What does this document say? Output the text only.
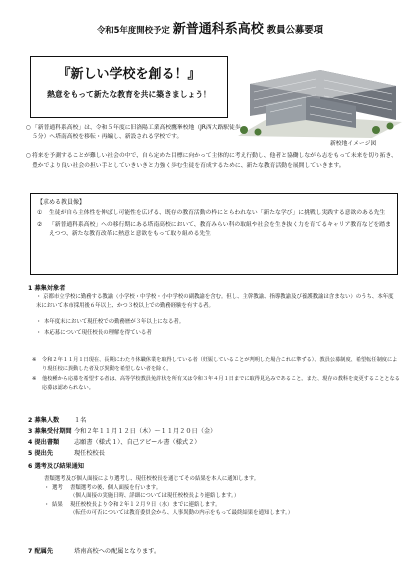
令和5年度開校予定 新普通科系高校 教員公募要項
『新しい学校を創る！』
熱意をもって新たな教育を共に築きましょう！
新校地イメージ図
○ 「新普通科系高校」は、令和５年度に旧洛陽工業高校鷹峯校地（JR西大路駅徒歩５分）へ塔南高校を移転・再編し、新設される学校です。
○ 将来を予測することが難しい社会の中で、自ら定めた目標に向かって主体的に考え行動し、他者と協働しながら志をもって未来を切り拓き、豊かでより良い社会の担い手としていきいきと力強く歩む生徒を育成するために、新たな教育活動を展開していきます。
【求める教員像】
① 生徒が自ら主体性を伸ばし可能性を広げる、既存の教育活動の枠にとらわれない「新たな学び」に挑戦し実践する意欲のある先生
② 「新普通科系高校」への移行期にある塔南高校において、教育みらい科の取組や社会を生き抜く力を育てるキャリア教育などを踏まえつつ、新たな教育改革に熱意と意欲をもって取り組める先生
1 募集対象者
・ 京都市立学校に勤務する教諭（小学校・中学校・小中学校の副教諭を含む。但し、主幹教諭、指導教諭及び養護教諭は含まない）のうち、本年度末において本市採用後６年以上、かつ３校以上での勤務経験を有する者。
・ 本年度末において現任校での勤務歴が３年以上になる者。
・ 本応募について現任校長の理解を得ている者
※ 令和２年１１月１日現在、長期にわたり休職休業を取得している者（妊娠していることが判明した場合これに準ずる）、教員公募制度、希望転任制度により現任校に異動した者及び異動を希望しない者を除く。
※ 他校種から応募を希望する者は、高等学校教員免許状を所有又は令和３年４月１日までに取得見込みであること。また、現存の教科を変更することとなる応募は認められない。
2 募集人数 １名
3 募集受付期間 令和２年１１月１２日（木）〜１１月２０日（金）
4 提出書類 志願書（様式１）、自己アピール書（様式２）
5 提出先	現任校校長
6 選考及び結果通知
書類選考及び個人面接により選考し、現任校校長を通じてその結果を本人に通知します。
・ 選考 書類選考の後、個人面接を行います。
（個人面接の実施日時、詳細については現任校校長より連絡します。）
・ 結果 現任校校長より令和２年１２月９日（水）までに連絡します。
（転任の可否については教育委員会から、人事異動の内示をもって最終結果を通知します。）
7 配属先	塔南高校への配属となります。
